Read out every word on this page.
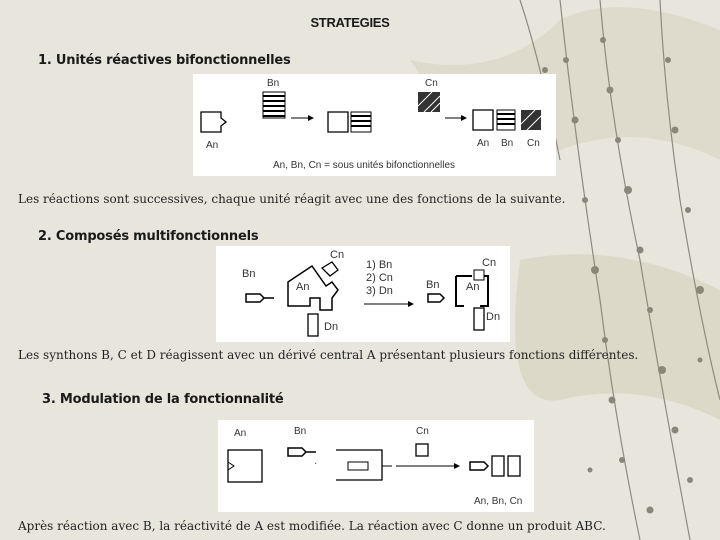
STRATEGIES
1. Unités réactives bifonctionnelles
An
Bn	Cn
An Bn Cn
An, Bn, Cn = sous unités bifonctionnelles
Les réactions sont successives, chaque unité réagit avec une des fonctions de la suivante.
2. Composés multifonctionnels
Bn
An
Cn
Dn
1) Bn
2) Cn
3) Dn
Cn
Bn An
Dn
Les synthons B, C et D réagissent avec un dérivé central A présentant plusieurs fonctions différentes.
3. Modulation de la fonctionnalité
An	Bn
·
Cn
An, Bn, Cn
Après réaction avec B, la réactivité de A est modifiée. La réaction avec C donne un produit ABC.
